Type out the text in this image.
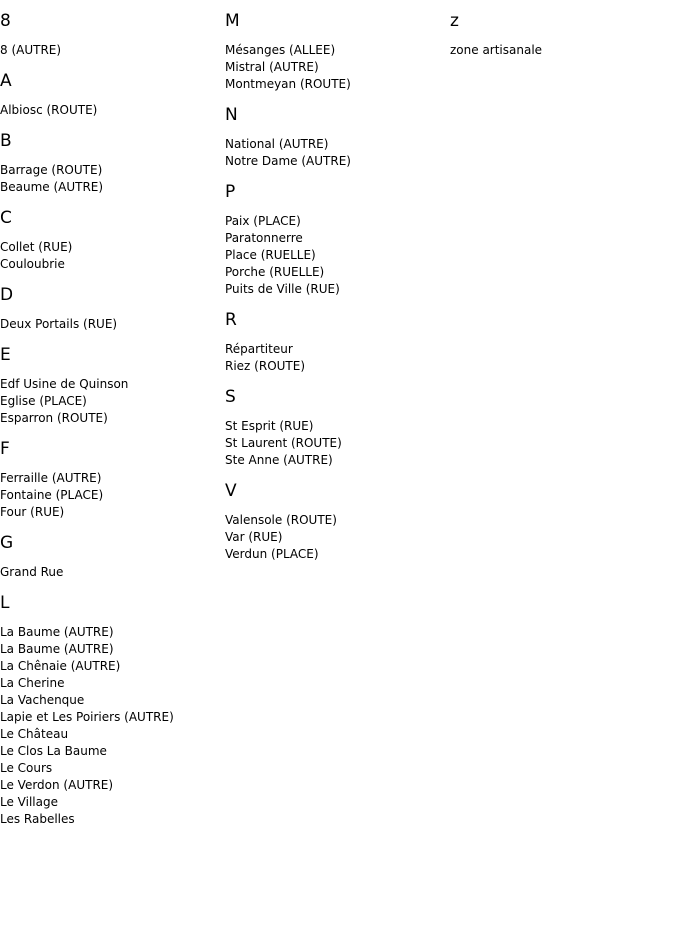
8
8 (AUTRE)
A
Albiosc (ROUTE)
B
Barrage (ROUTE)
Beaume (AUTRE)
C
Collet (RUE)
Couloubrie
D
Deux Portails (RUE)
E
Edf Usine de Quinson
Eglise (PLACE)
Esparron (ROUTE)
F
Ferraille (AUTRE)
Fontaine (PLACE)
Four (RUE)
G
Grand Rue
L
La Baume (AUTRE)
La Baume (AUTRE)
La Chênaie (AUTRE)
La Cherine
La Vachenque
Lapie et Les Poiriers (AUTRE)
Le Château
Le Clos La Baume
Le Cours
Le Verdon (AUTRE)
Le Village
Les Rabelles
M
Mésanges (ALLEE)
Mistral (AUTRE)
Montmeyan (ROUTE)
N
National (AUTRE)
Notre Dame (AUTRE)
P
Paix (PLACE)
Paratonnerre
Place (RUELLE)
Porche (RUELLE)
Puits de Ville (RUE)
R
Répartiteur
Riez (ROUTE)
S
St Esprit (RUE)
St Laurent (ROUTE)
Ste Anne (AUTRE)
V
Valensole (ROUTE)
Var (RUE)
Verdun (PLACE)
z
zone artisanale
